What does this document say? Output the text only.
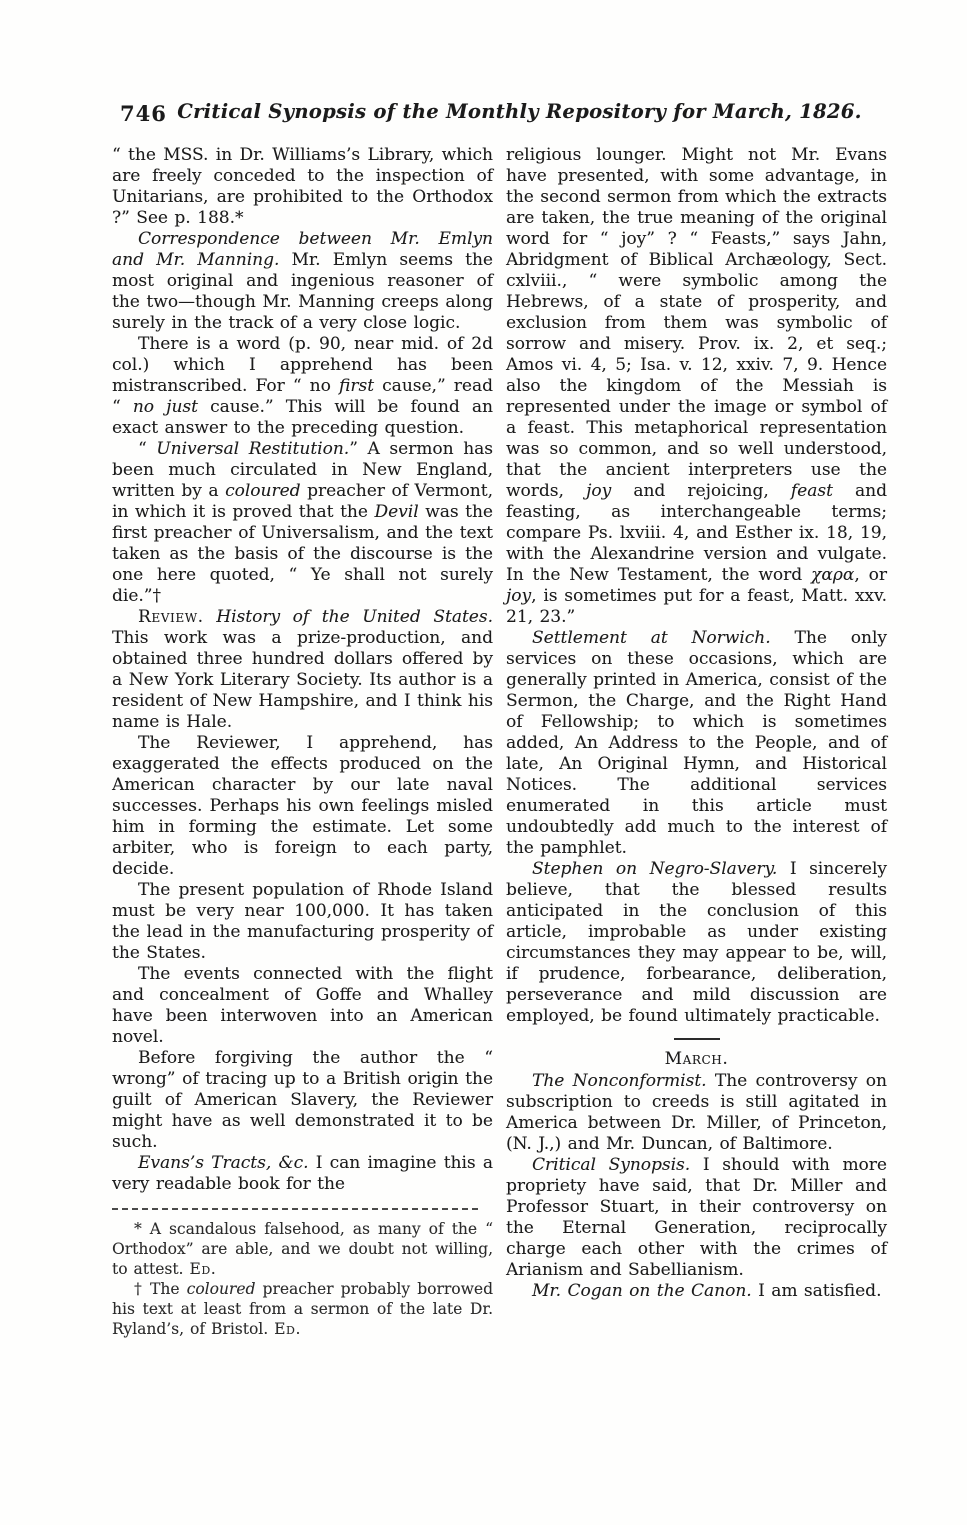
746 Critical Synopsis of the Monthly Repository for March, 1826.

“ the MSS. in Dr. Williams’s Library, which are freely conceded to the inspection of Unitarians, are prohibited to the Orthodox ?” See p. 188.*

Correspondence between Mr. Emlyn and Mr. Manning. Mr. Emlyn seems the most original and ingenious reasoner of the two—though Mr. Manning creeps along surely in the track of a very close logic.

There is a word (p. 90, near mid. of 2d col.) which I apprehend has been mistranscribed. For “ no first cause,” read “ no just cause.” This will be found an exact answer to the preceding question.

“ Universal Restitution.” A sermon has been much circulated in New England, written by a coloured preacher of Vermont, in which it is proved that the Devil was the first preacher of Universalism, and the text taken as the basis of the discourse is the one here quoted, “ Ye shall not surely die.”†

Review. History of the United States. This work was a prize-production, and obtained three hundred dollars offered by a New York Literary Society. Its author is a resident of New Hampshire, and I think his name is Hale.

The Reviewer, I apprehend, has exaggerated the effects produced on the American character by our late naval successes. Perhaps his own feelings misled him in forming the estimate. Let some arbiter, who is foreign to each party, decide.

The present population of Rhode Island must be very near 100,000. It has taken the lead in the manufacturing prosperity of the States.

The events connected with the flight and concealment of Goffe and Whalley have been interwoven into an American novel.

Before forgiving the author the “ wrong” of tracing up to a British origin the guilt of American Slavery, the Reviewer might have as well demonstrated it to be such.

Evans’s Tracts, &c. I can imagine this a very readable book for the

* A scandalous falsehood, as many of the “ Orthodox” are able, and we doubt not willing, to attest. Ed.

† The coloured preacher probably borrowed his text at least from a sermon of the late Dr. Ryland’s, of Bristol. Ed.

religious lounger. Might not Mr. Evans have presented, with some advantage, in the second sermon from which the extracts are taken, the true meaning of the original word for “ joy” ? “ Feasts,” says Jahn, Abridgment of Biblical Archæology, Sect. cxlviii., “ were symbolic among the Hebrews, of a state of prosperity, and exclusion from them was symbolic of sorrow and misery. Prov. ix. 2, et seq.; Amos vi. 4, 5; Isa. v. 12, xxiv. 7, 9. Hence also the kingdom of the Messiah is represented under the image or symbol of a feast. This metaphorical representation was so common, and so well understood, that the ancient interpreters use the words, joy and rejoicing, feast and feasting, as interchangeable terms; compare Ps. lxviii. 4, and Esther ix. 18, 19, with the Alexandrine version and vulgate. In the New Testament, the word χαρα, or joy, is sometimes put for a feast, Matt. xxv. 21, 23.”

Settlement at Norwich. The only services on these occasions, which are generally printed in America, consist of the Sermon, the Charge, and the Right Hand of Fellowship; to which is sometimes added, An Address to the People, and of late, An Original Hymn, and Historical Notices. The additional services enumerated in this article must undoubtedly add much to the interest of the pamphlet.

Stephen on Negro-Slavery. I sincerely believe, that the blessed results anticipated in the conclusion of this article, improbable as under existing circumstances they may appear to be, will, if prudence, forbearance, deliberation, perseverance and mild discussion are employed, be found ultimately practicable.

March.

The Nonconformist. The controversy on subscription to creeds is still agitated in America between Dr. Miller, of Princeton, (N. J.,) and Mr. Duncan, of Baltimore.

Critical Synopsis. I should with more propriety have said, that Dr. Miller and Professor Stuart, in their controversy on the Eternal Generation, reciprocally charge each other with the crimes of Arianism and Sabellianism.

Mr. Cogan on the Canon. I am satisfied.
